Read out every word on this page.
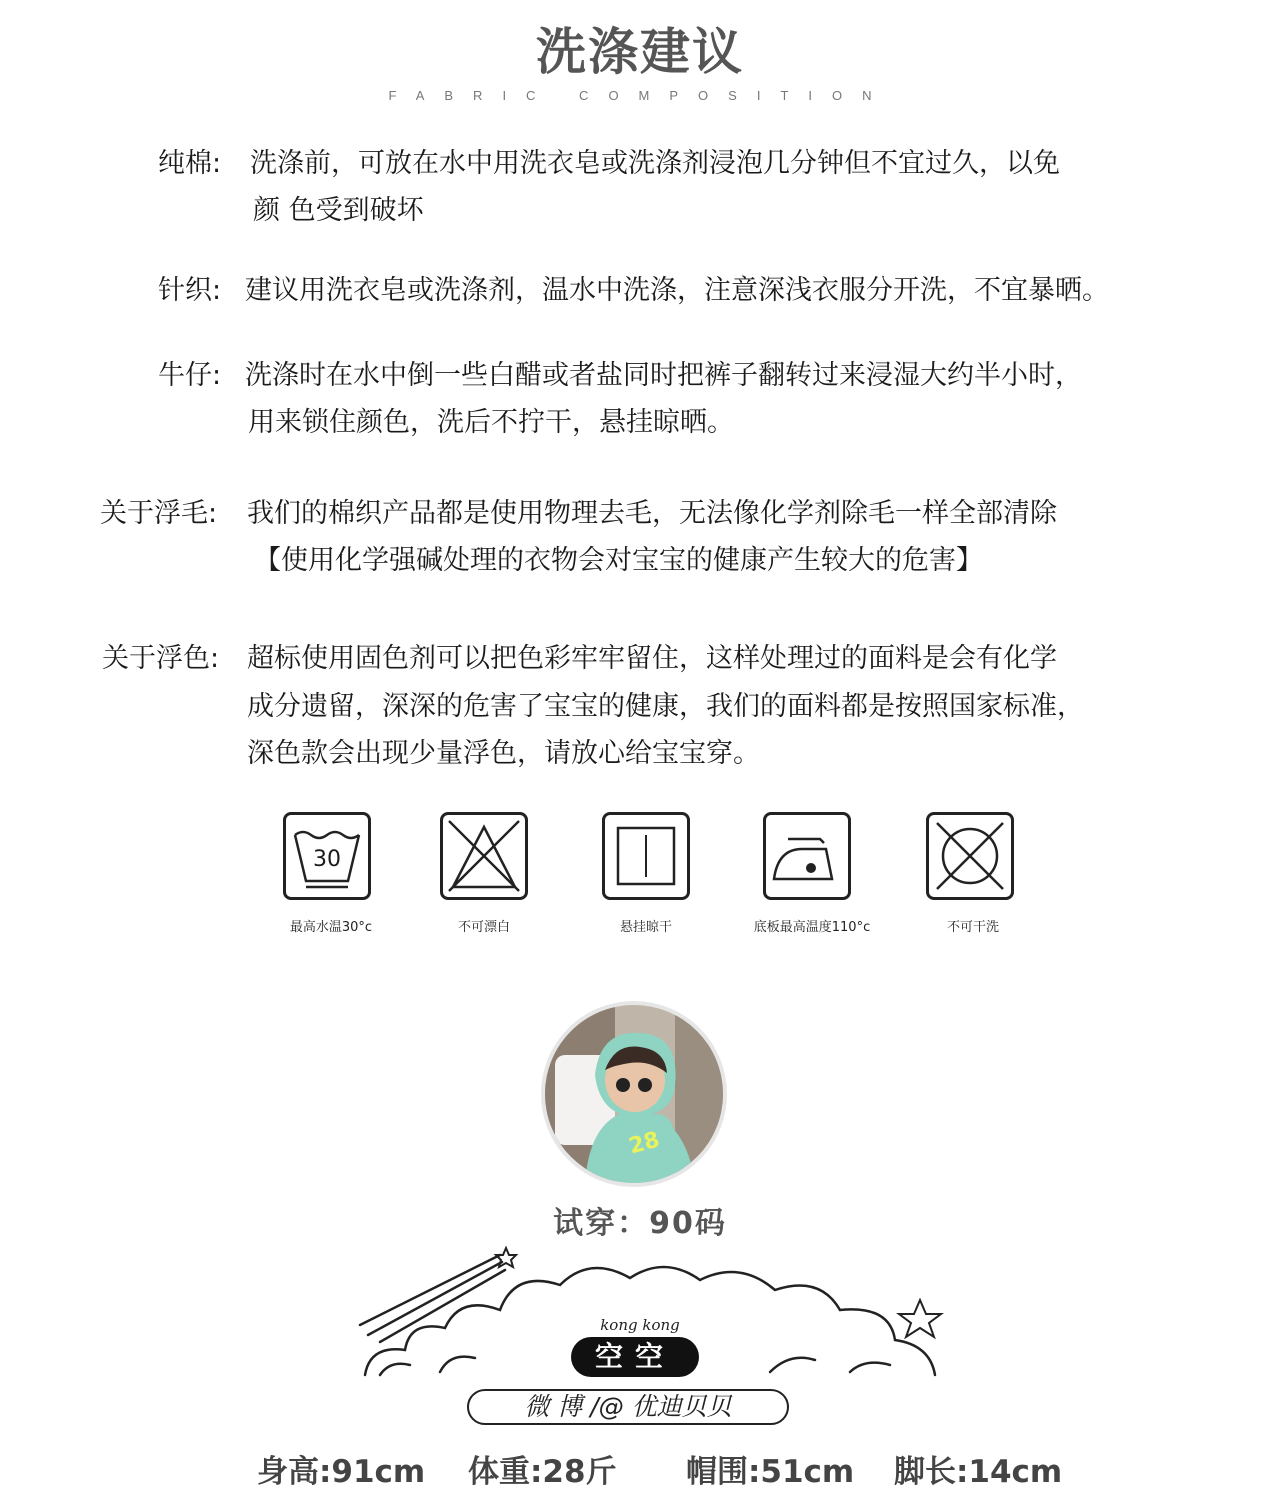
洗涤建议
FABRIC COMPOSITION
纯棉: 洗涤前，可放在水中用洗衣皂或洗涤剂浸泡几分钟但不宜过久，以免
颜 色受到破坏
针织: 建议用洗衣皂或洗涤剂，温水中洗涤，注意深浅衣服分开洗，不宜暴晒。
牛仔: 洗涤时在水中倒一些白醋或者盐同时把裤子翻转过来浸湿大约半小时，
用来锁住颜色，洗后不拧干，悬挂晾晒。
关于浮毛: 我们的棉织产品都是使用物理去毛，无法像化学剂除毛一样全部清除
【使用化学强碱处理的衣物会对宝宝的健康产生较大的危害】
关于浮色: 超标使用固色剂可以把色彩牢牢留住，这样处理过的面料是会有化学
成分遗留，深深的危害了宝宝的健康，我们的面料都是按照国家标准，
深色款会出现少量浮色，请放心给宝宝穿。
30
最高水温30°c	不可漂白	悬挂晾干	底板最高温度110°c	不可干洗
28
试穿：90码
kong kong
空空
微 博 /@ 优迪贝贝
身高:91cm 体重:28斤 帽围:51cm 脚长:14cm
